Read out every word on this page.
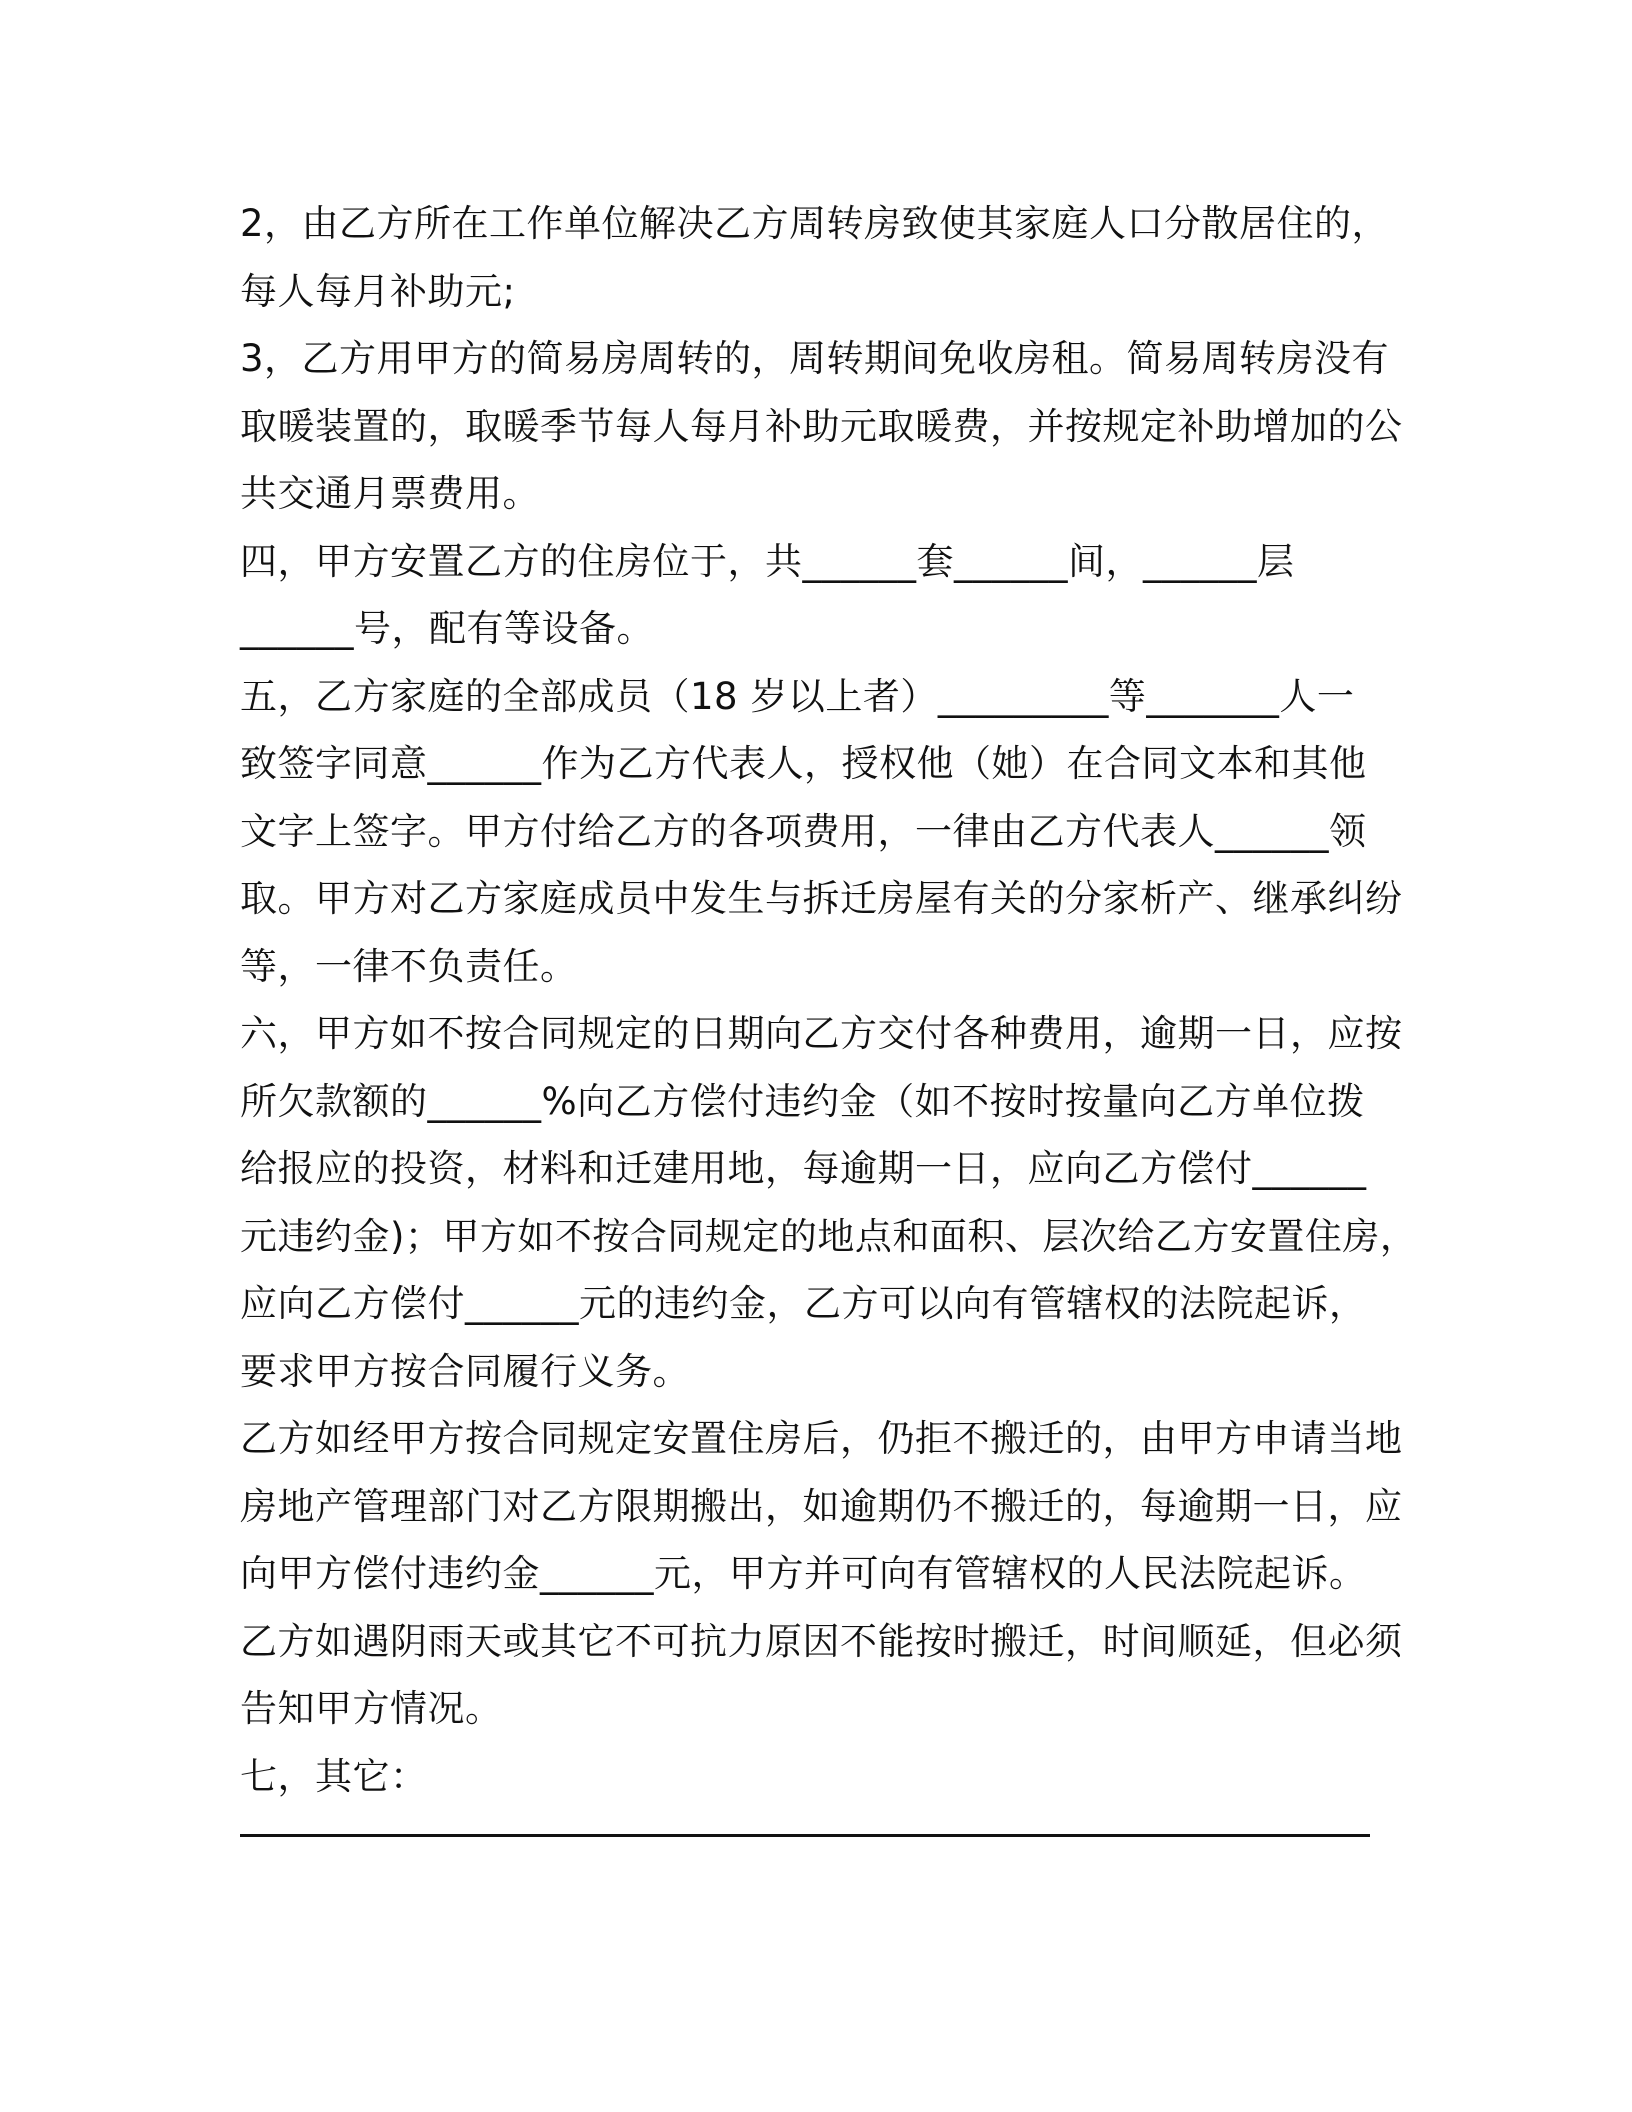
2，由乙方所在工作单位解决乙方周转房致使其家庭人口分散居住的，
每人每月补助元;
3，乙方用甲方的简易房周转的，周转期间免收房租。简易周转房没有
取暖装置的，取暖季节每人每月补助元取暖费，并按规定补助增加的公
共交通月票费用。
四，甲方安置乙方的住房位于，共______套______间，______层
______号，配有等设备。
五，乙方家庭的全部成员（18 岁以上者）_________等_______人一
致签字同意______作为乙方代表人，授权他（她）在合同文本和其他
文字上签字。甲方付给乙方的各项费用，一律由乙方代表人______领
取。甲方对乙方家庭成员中发生与拆迁房屋有关的分家析产、继承纠纷
等，一律不负责任。
六，甲方如不按合同规定的日期向乙方交付各种费用，逾期一日，应按
所欠款额的______%向乙方偿付违约金（如不按时按量向乙方单位拨
给报应的投资，材料和迁建用地，每逾期一日，应向乙方偿付______
元违约金)；甲方如不按合同规定的地点和面积、层次给乙方安置住房，
应向乙方偿付______元的违约金，乙方可以向有管辖权的法院起诉，
要求甲方按合同履行义务。
乙方如经甲方按合同规定安置住房后，仍拒不搬迁的，由甲方申请当地
房地产管理部门对乙方限期搬出，如逾期仍不搬迁的，每逾期一日，应
向甲方偿付违约金______元，甲方并可向有管辖权的人民法院起诉。
乙方如遇阴雨天或其它不可抗力原因不能按时搬迁，时间顺延，但必须
告知甲方情况。
七，其它：
